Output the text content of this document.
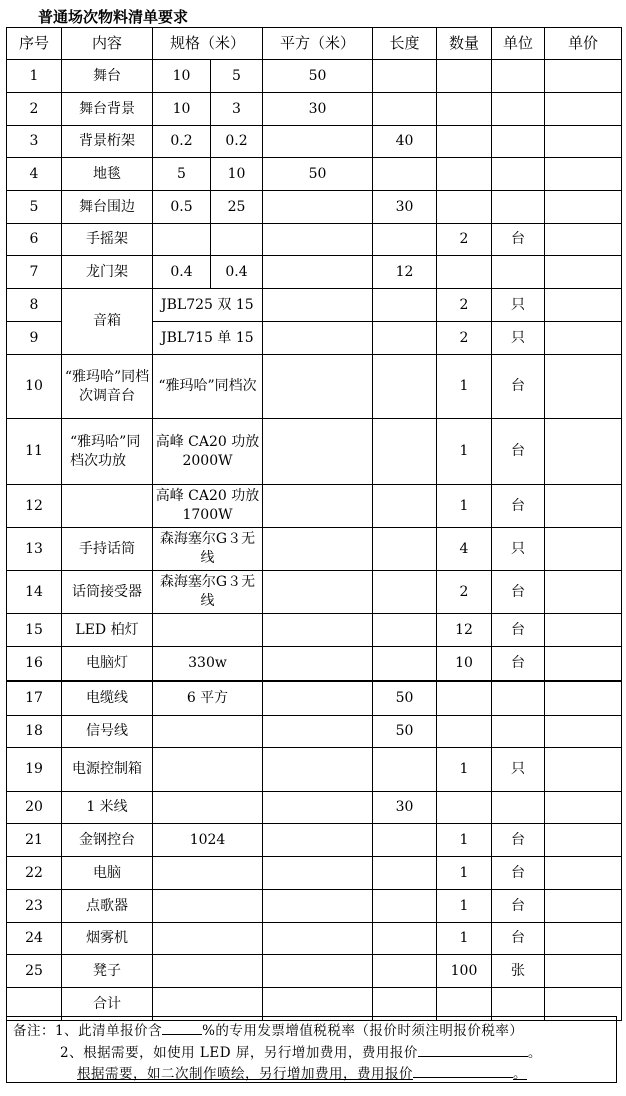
普通场次物料清单要求
序号	内容	规格（米）		平方（米）	长度	数量	单位	单价
1	舞台	10	5	50				
2	舞台背景	10	3	30				
3	背景桁架	0.2	0.2		40			
4	地毯	5	10	50				
5	舞台围边	0.5	25		30			
6	手摇架					2	台	
7	龙门架	0.4	0.4		12			
8	音箱	JBL725 双 15				2	只	
9		JBL715 单 15				2	只	
10	“雅玛哈”同档次调音台	“雅玛哈”同档次				1	台	
11	“雅玛哈”同档次功放	高峰 CA20 功放 2000W				1	台	
12		高峰 CA20 功放 1700W				1	台	
13	手持话筒	森海塞尔G３无线				4	只	
14	话筒接受器	森海塞尔G３无线				2	台	
15	LED 柏灯					12	台	
16	电脑灯	330w				10	台	
17	电缆线	6 平方			50			
18	信号线				50			
19	电源控制箱					1	只	
20	1 米线				30			
21	金钢控台	1024				1	台	
22	电脑					1	台	
23	点歌器					1	台	
24	烟雾机					1	台	
25	凳子					100	张	
	合计							
备注：1、此清单报价含	%的专用发票增值税税率（报价时须注明报价税率）
2、根据需要，如使用 LED 屏，另行增加费用，费用报价	。
根据需要，如二次制作喷绘，另行增加费用，费用报价	。
